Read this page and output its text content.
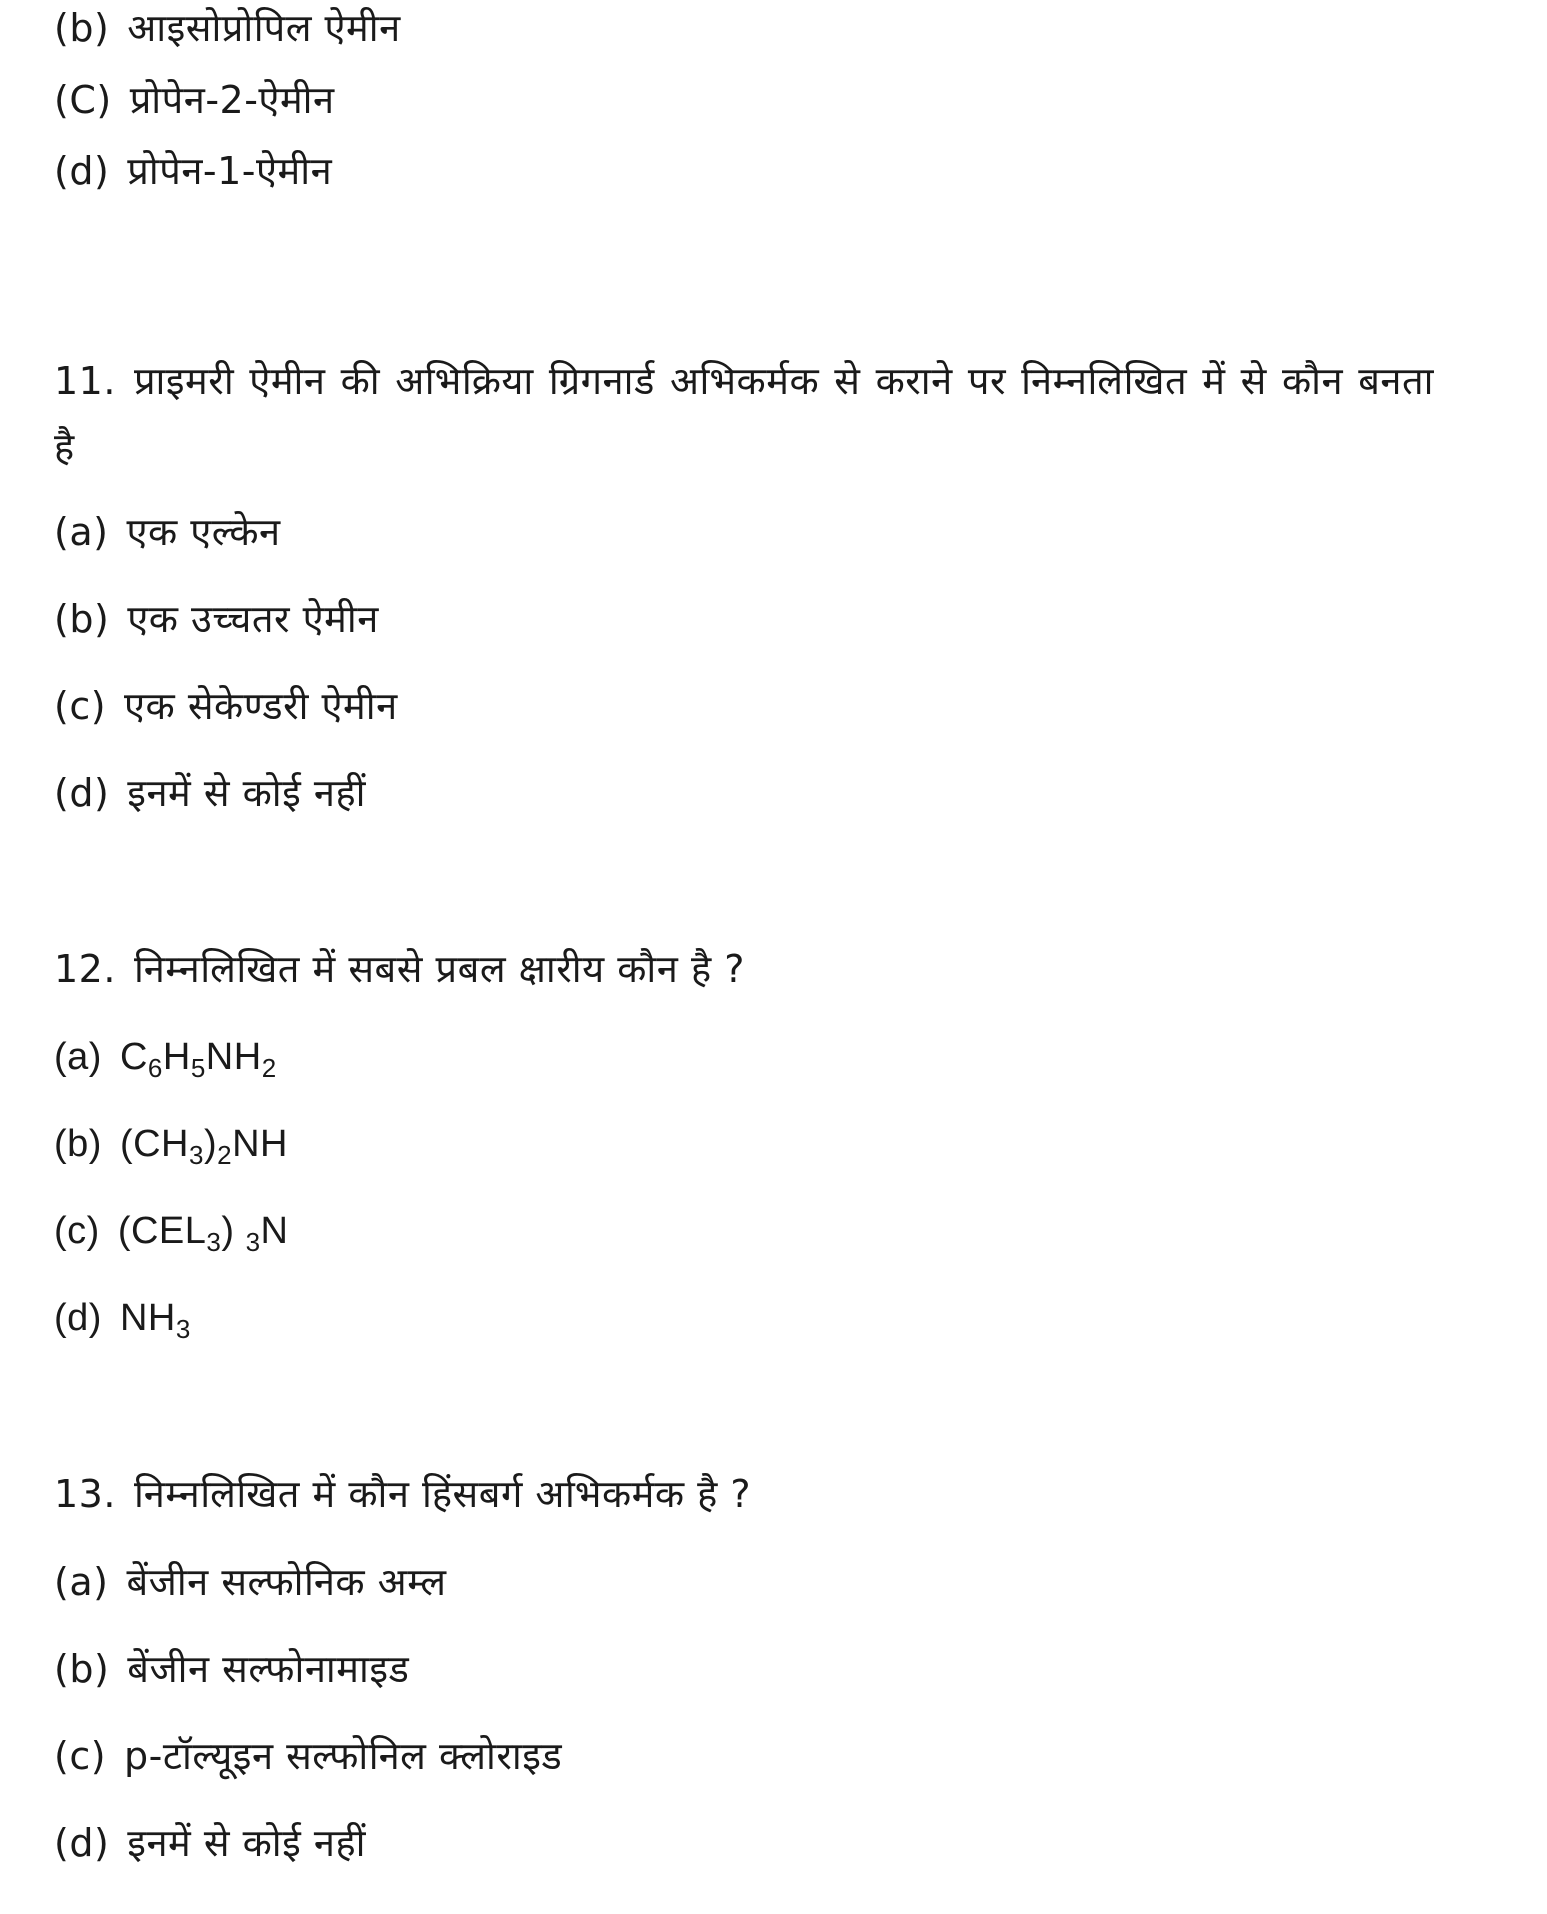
(b) आइसोप्रोपिल ऐमीन
(C) प्रोपेन-2-ऐमीन
(d) प्रोपेन-1-ऐमीन
11. प्राइमरी ऐमीन की अभिक्रिया ग्रिगनार्ड अभिकर्मक से कराने पर निम्नलिखित में से कौन बनता है
(a) एक एल्केन
(b) एक उच्चतर ऐमीन
(c) एक सेकेण्डरी ऐमीन
(d) इनमें से कोई नहीं
12. निम्नलिखित में सबसे प्रबल क्षारीय कौन है ?
(a) $C_6H_5NH_2$
(b) $(CH_3)_2NH$
(c) $(CEL_3)$ $_3$N
(d) $NH_3$
13. निम्नलिखित में कौन हिंसबर्ग अभिकर्मक है ?
(a) बेंजीन सल्फोनिक अम्ल
(b) बेंजीन सल्फोनामाइड
(c) p-टॉल्यूइन सल्फोनिल क्लोराइड
(d) इनमें से कोई नहीं
